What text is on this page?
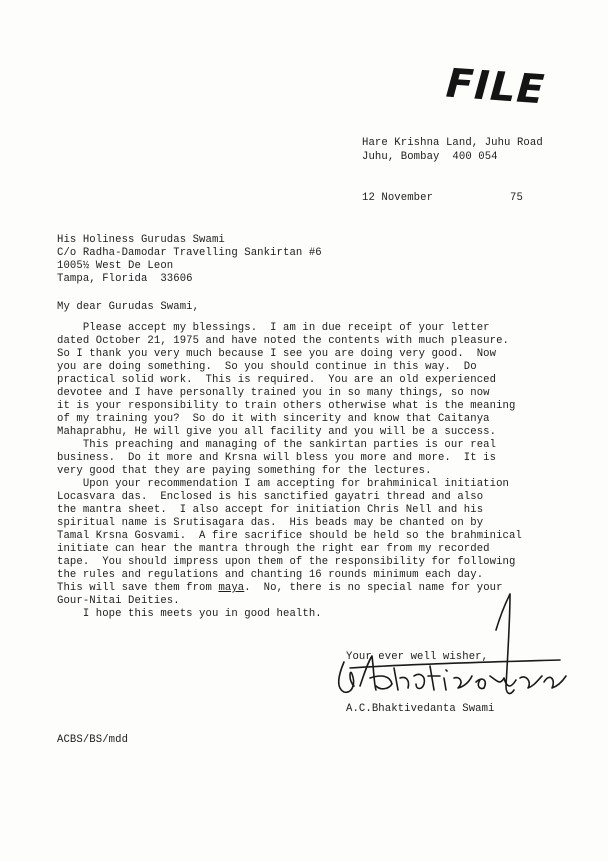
FILE
Hare Krishna Land, Juhu Road
Juhu, Bombay  400 054
12 November	75
His Holiness Gurudas Swami
C/o Radha-Damodar Travelling Sankirtan #6
1005½ West De Leon
Tampa, Florida  33606
My dear Gurudas Swami,
Please accept my blessings.  I am in due receipt of your letter
dated October 21, 1975 and have noted the contents with much pleasure.
So I thank you very much because I see you are doing very good.  Now
you are doing something.  So you should continue in this way.  Do
practical solid work.  This is required.  You are an old experienced
devotee and I have personally trained you in so many things, so now
it is your responsibility to train others otherwise what is the meaning
of my training you?  So do it with sincerity and know that Caitanya
Mahaprabhu, He will give you all facility and you will be a success.
This preaching and managing of the sankirtan parties is our real
business.  Do it more and Krsna will bless you more and more.  It is
very good that they are paying something for the lectures.
Upon your recommendation I am accepting for brahminical initiation
Locasvara das.  Enclosed is his sanctified gayatri thread and also
the mantra sheet.  I also accept for initiation Chris Nell and his
spiritual name is Srutisagara das.  His beads may be chanted on by
Tamal Krsna Gosvami.  A fire sacrifice should be held so the brahminical
initiate can hear the mantra through the right ear from my recorded
tape.  You should impress upon them of the responsibility for following
the rules and regulations and chanting 16 rounds minimum each day.
This will save them from maya.  No, there is no special name for your
Gour-Nitai Deities.
I hope this meets you in good health.
Your ever well wisher,
A.C.Bhaktivedanta Swami
ACBS/BS/mdd
